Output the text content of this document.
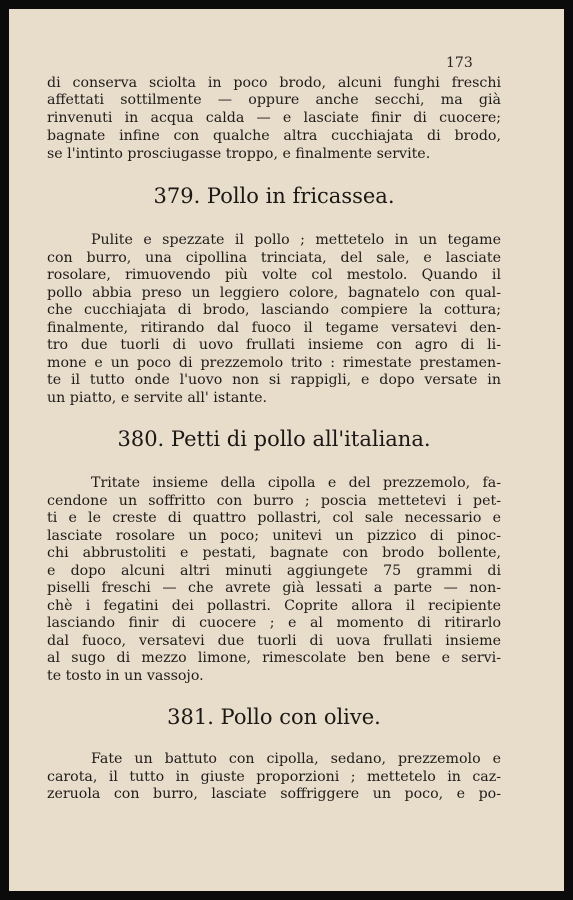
173
di conserva sciolta in poco brodo, alcuni funghi freschi
affettati sottilmente — oppure anche secchi, ma già
rinvenuti in acqua calda — e lasciate finir di cuocere;
bagnate infine con qualche altra cucchiajata di brodo,
se l'intinto prosciugasse troppo, e finalmente servite.
379. Pollo in fricassea.
Pulite e spezzate il pollo ; mettetelo in un tegame
con burro, una cipollina trinciata, del sale, e lasciate
rosolare, rimuovendo più volte col mestolo. Quando il
pollo abbia preso un leggiero colore, bagnatelo con qual-
che cucchiajata di brodo, lasciando compiere la cottura;
finalmente, ritirando dal fuoco il tegame versatevi den-
tro due tuorli di uovo frullati insieme con agro di li-
mone e un poco di prezzemolo trito : rimestate prestamen-
te il tutto onde l'uovo non si rappigli, e dopo versate in
un piatto, e servite all' istante.
380. Petti di pollo all'italiana.
Tritate insieme della cipolla e del prezzemolo, fa-
cendone un soffritto con burro ; poscia mettetevi i pet-
ti e le creste di quattro pollastri, col sale necessario e
lasciate rosolare un poco; unitevi un pizzico di pinoc-
chi abbrustoliti e pestati, bagnate con brodo bollente,
e dopo alcuni altri minuti aggiungete 75 grammi di
piselli freschi — che avrete già lessati a parte — non-
chè i fegatini dei pollastri. Coprite allora il recipiente
lasciando finir di cuocere ; e al momento di ritirarlo
dal fuoco, versatevi due tuorli di uova frullati insieme
al sugo di mezzo limone, rimescolate ben bene e servi-
te tosto in un vassojo.
381. Pollo con olive.
Fate un battuto con cipolla, sedano, prezzemolo e
carota, il tutto in giuste proporzioni ; mettetelo in caz-
zeruola con burro, lasciate soffriggere un poco, e po-
